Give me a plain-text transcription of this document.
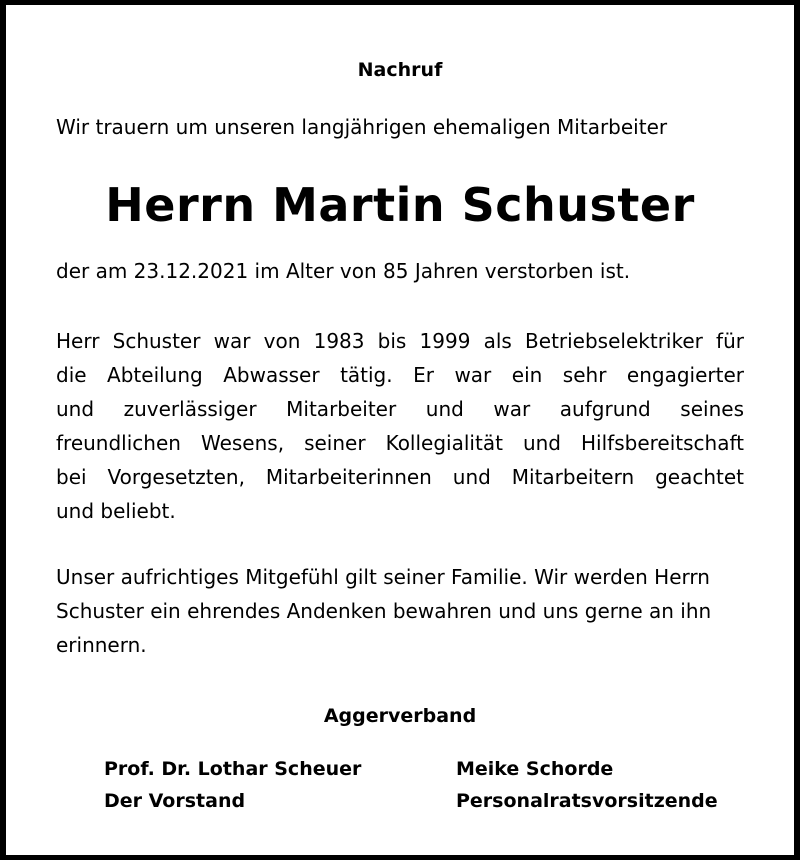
Nachruf
Wir trauern um unseren langjährigen ehemaligen Mitarbeiter
Herrn Martin Schuster
der am 23.12.2021 im Alter von 85 Jahren verstorben ist.
Herr Schuster war von 1983 bis 1999 als Betriebselektriker für
die Abteilung Abwasser tätig. Er war ein sehr engagierter
und zuverlässiger Mitarbeiter und war aufgrund seines
freundlichen Wesens, seiner Kollegialität und Hilfsbereitschaft
bei Vorgesetzten, Mitarbeiterinnen und Mitarbeitern geachtet
und beliebt.
Unser aufrichtiges Mitgefühl gilt seiner Familie. Wir werden Herrn
Schuster ein ehrendes Andenken bewahren und uns gerne an ihn
erinnern.
Aggerverband
Prof. Dr. Lothar Scheuer
Der Vorstand
Meike Schorde
Personalratsvorsitzende
